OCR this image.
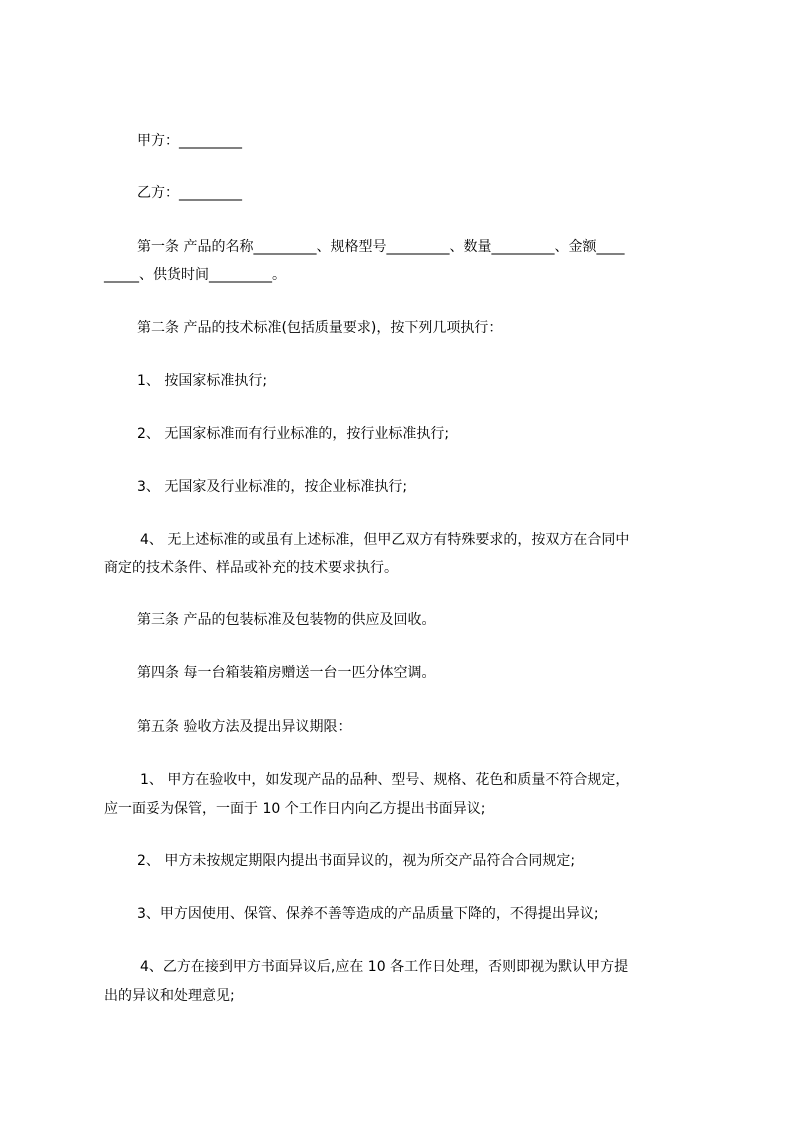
甲方：_________
乙方：_________
第一条 产品的名称_________、规格型号_________、数量_________、金额____
_____、供货时间_________。
第二条 产品的技术标准(包括质量要求)，按下列几项执行：
1、 按国家标准执行;
2、 无国家标准而有行业标准的，按行业标准执行;
3、 无国家及行业标准的，按企业标准执行;
4、 无上述标准的或虽有上述标准，但甲乙双方有特殊要求的，按双方在合同中
商定的技术条件、样品或补充的技术要求执行。
第三条 产品的包装标准及包装物的供应及回收。
第四条 每一台箱装箱房赠送一台一匹分体空调。
第五条 验收方法及提出异议期限：
1、 甲方在验收中，如发现产品的品种、型号、规格、花色和质量不符合规定，
应一面妥为保管，一面于 10 个工作日内向乙方提出书面异议;
2、 甲方未按规定期限内提出书面异议的，视为所交产品符合合同规定;
3、甲方因使用、保管、保养不善等造成的产品质量下降的，不得提出异议;
4、乙方在接到甲方书面异议后,应在 10 各工作日处理，否则即视为默认甲方提
出的异议和处理意见;
